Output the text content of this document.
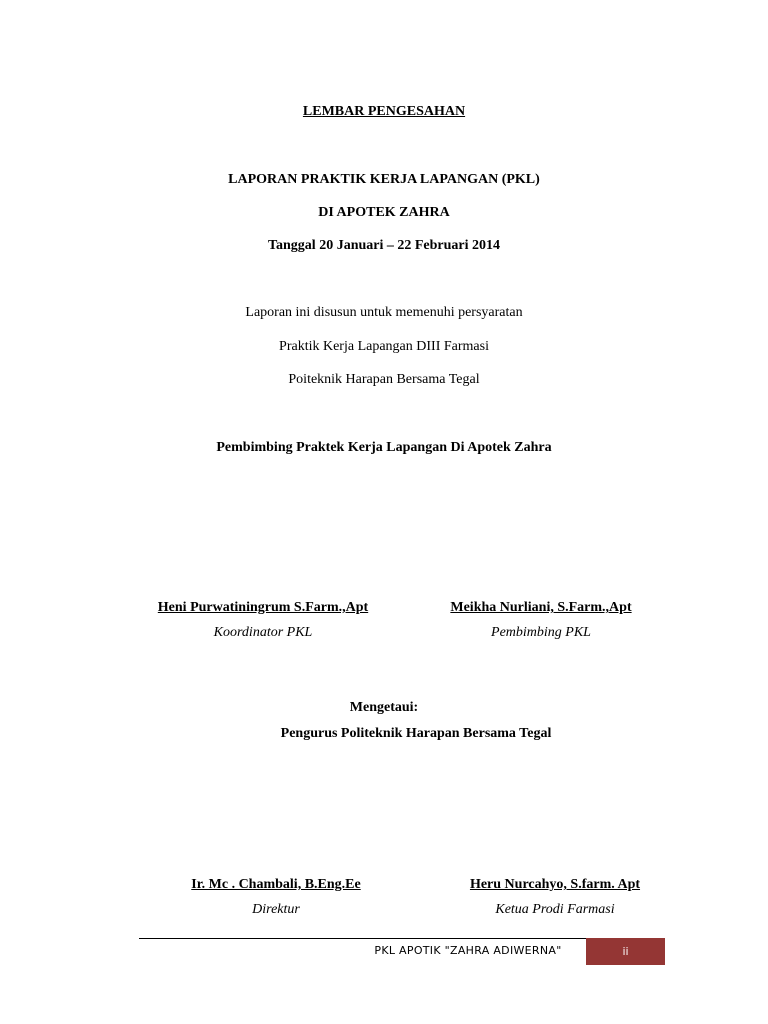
LEMBAR PENGESAHAN
LAPORAN PRAKTIK KERJA LAPANGAN (PKL)
DI APOTEK ZAHRA
Tanggal 20 Januari – 22 Februari 2014
Laporan ini disusun untuk memenuhi persyaratan
Praktik Kerja Lapangan DIII Farmasi
Poiteknik Harapan Bersama Tegal
Pembimbing Praktek Kerja Lapangan Di Apotek Zahra
Heni Purwatiningrum S.Farm.,Apt
Koordinator PKL
Meikha Nurliani, S.Farm.,Apt
Pembimbing PKL
Mengetaui:
Pengurus Politeknik Harapan Bersama Tegal
Ir. Mc . Chambali, B.Eng.Ee
Direktur
Heru Nurcahyo, S.farm. Apt
Ketua Prodi Farmasi
PKL APOTIK "ZAHRA ADIWERNA"	ii
